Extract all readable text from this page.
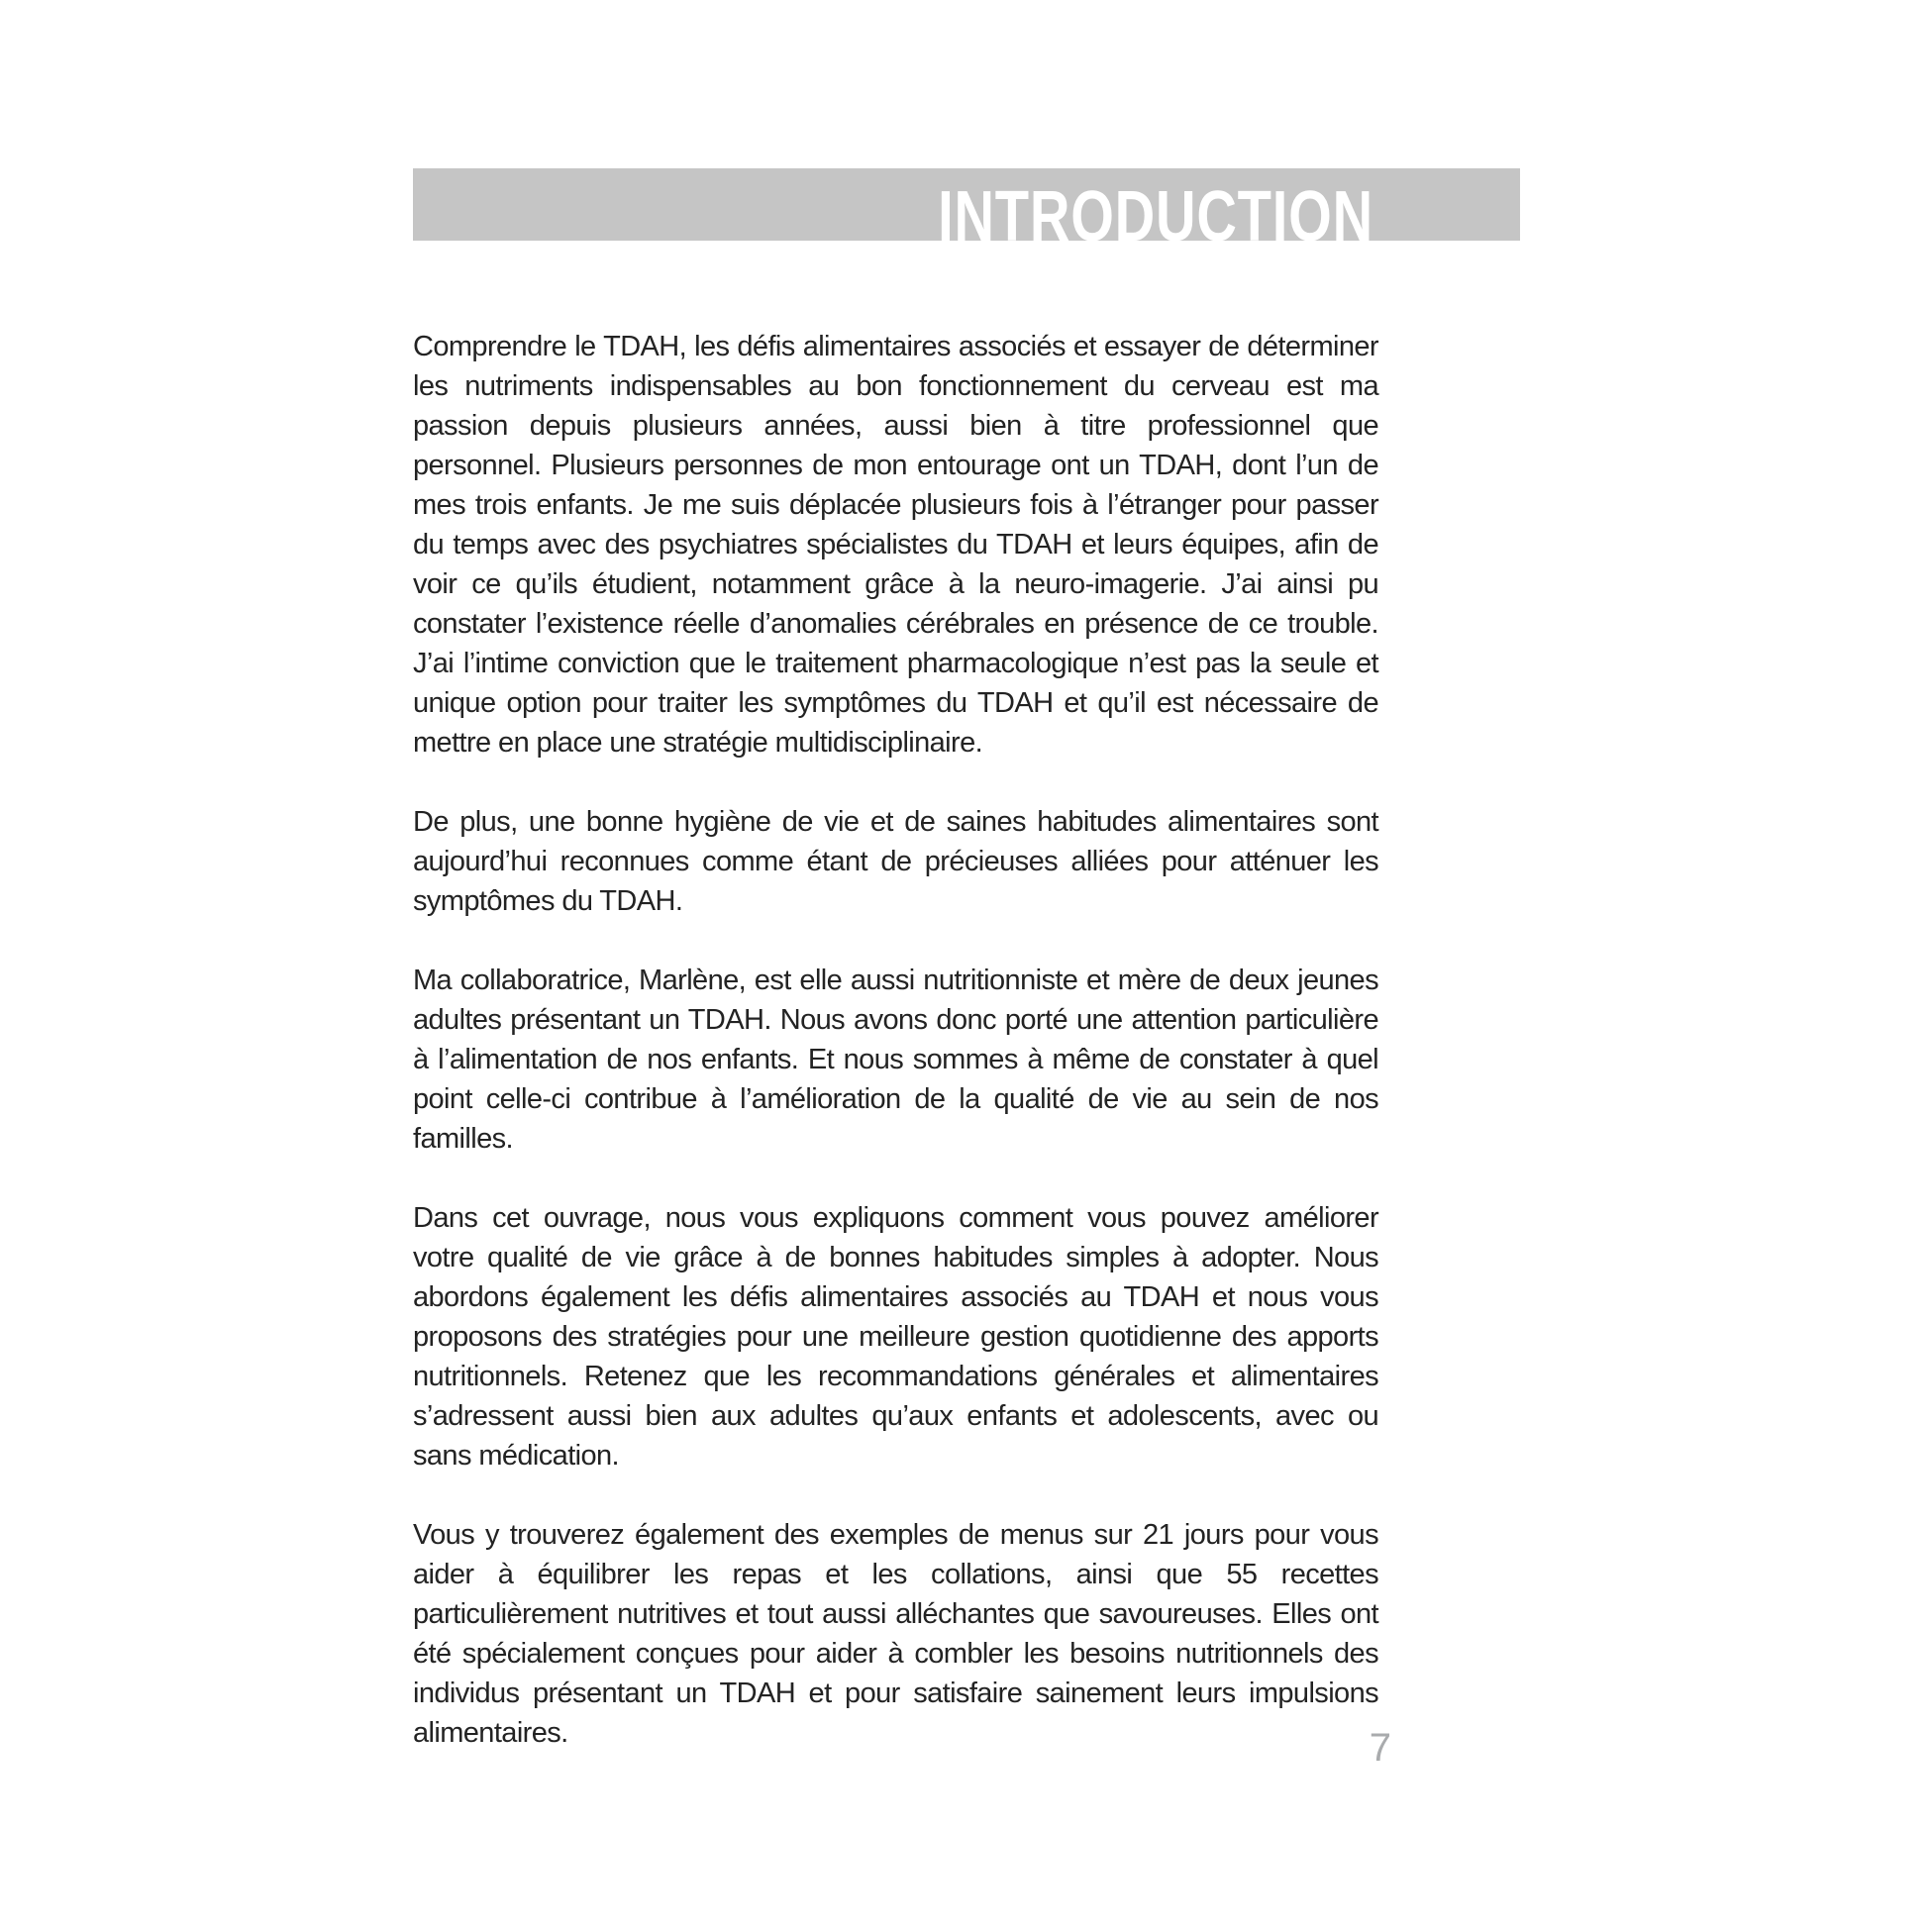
INTRODUCTION

Comprendre le TDAH, les défis alimentaires associés et essayer de déterminer les nutriments indispensables au bon fonctionnement du cerveau est ma passion depuis plusieurs années, aussi bien à titre professionnel que personnel. Plusieurs personnes de mon entourage ont un TDAH, dont l’un de mes trois enfants. Je me suis déplacée plusieurs fois à l’étranger pour passer du temps avec des psychiatres spécialistes du TDAH et leurs équipes, afin de voir ce qu’ils étudient, notamment grâce à la neuro-imagerie. J’ai ainsi pu constater l’existence réelle d’anomalies cérébrales en présence de ce trouble. J’ai l’intime conviction que le traitement pharmacologique n’est pas la seule et unique option pour traiter les symptômes du TDAH et qu’il est nécessaire de mettre en place une stratégie multidisciplinaire.

De plus, une bonne hygiène de vie et de saines habitudes alimentaires sont aujourd’hui reconnues comme étant de précieuses alliées pour atténuer les symptômes du TDAH.

Ma collaboratrice, Marlène, est elle aussi nutritionniste et mère de deux jeunes adultes présentant un TDAH. Nous avons donc porté une attention particulière à l’alimentation de nos enfants. Et nous sommes à même de constater à quel point celle-ci contribue à l’amélioration de la qualité de vie au sein de nos familles.

Dans cet ouvrage, nous vous expliquons comment vous pouvez améliorer votre qualité de vie grâce à de bonnes habitudes simples à adopter. Nous abordons également les défis alimentaires associés au TDAH et nous vous proposons des stratégies pour une meilleure gestion quotidienne des apports nutritionnels. Retenez que les recommandations générales et alimentaires s’adressent aussi bien aux adultes qu’aux enfants et adolescents, avec ou sans médication.

Vous y trouverez également des exemples de menus sur 21 jours pour vous aider à équilibrer les repas et les collations, ainsi que 55 recettes particulièrement nutritives et tout aussi alléchantes que savoureuses. Elles ont été spécialement conçues pour aider à combler les besoins nutritionnels des individus présentant un TDAH et pour satisfaire sainement leurs impulsions alimentaires.	7
